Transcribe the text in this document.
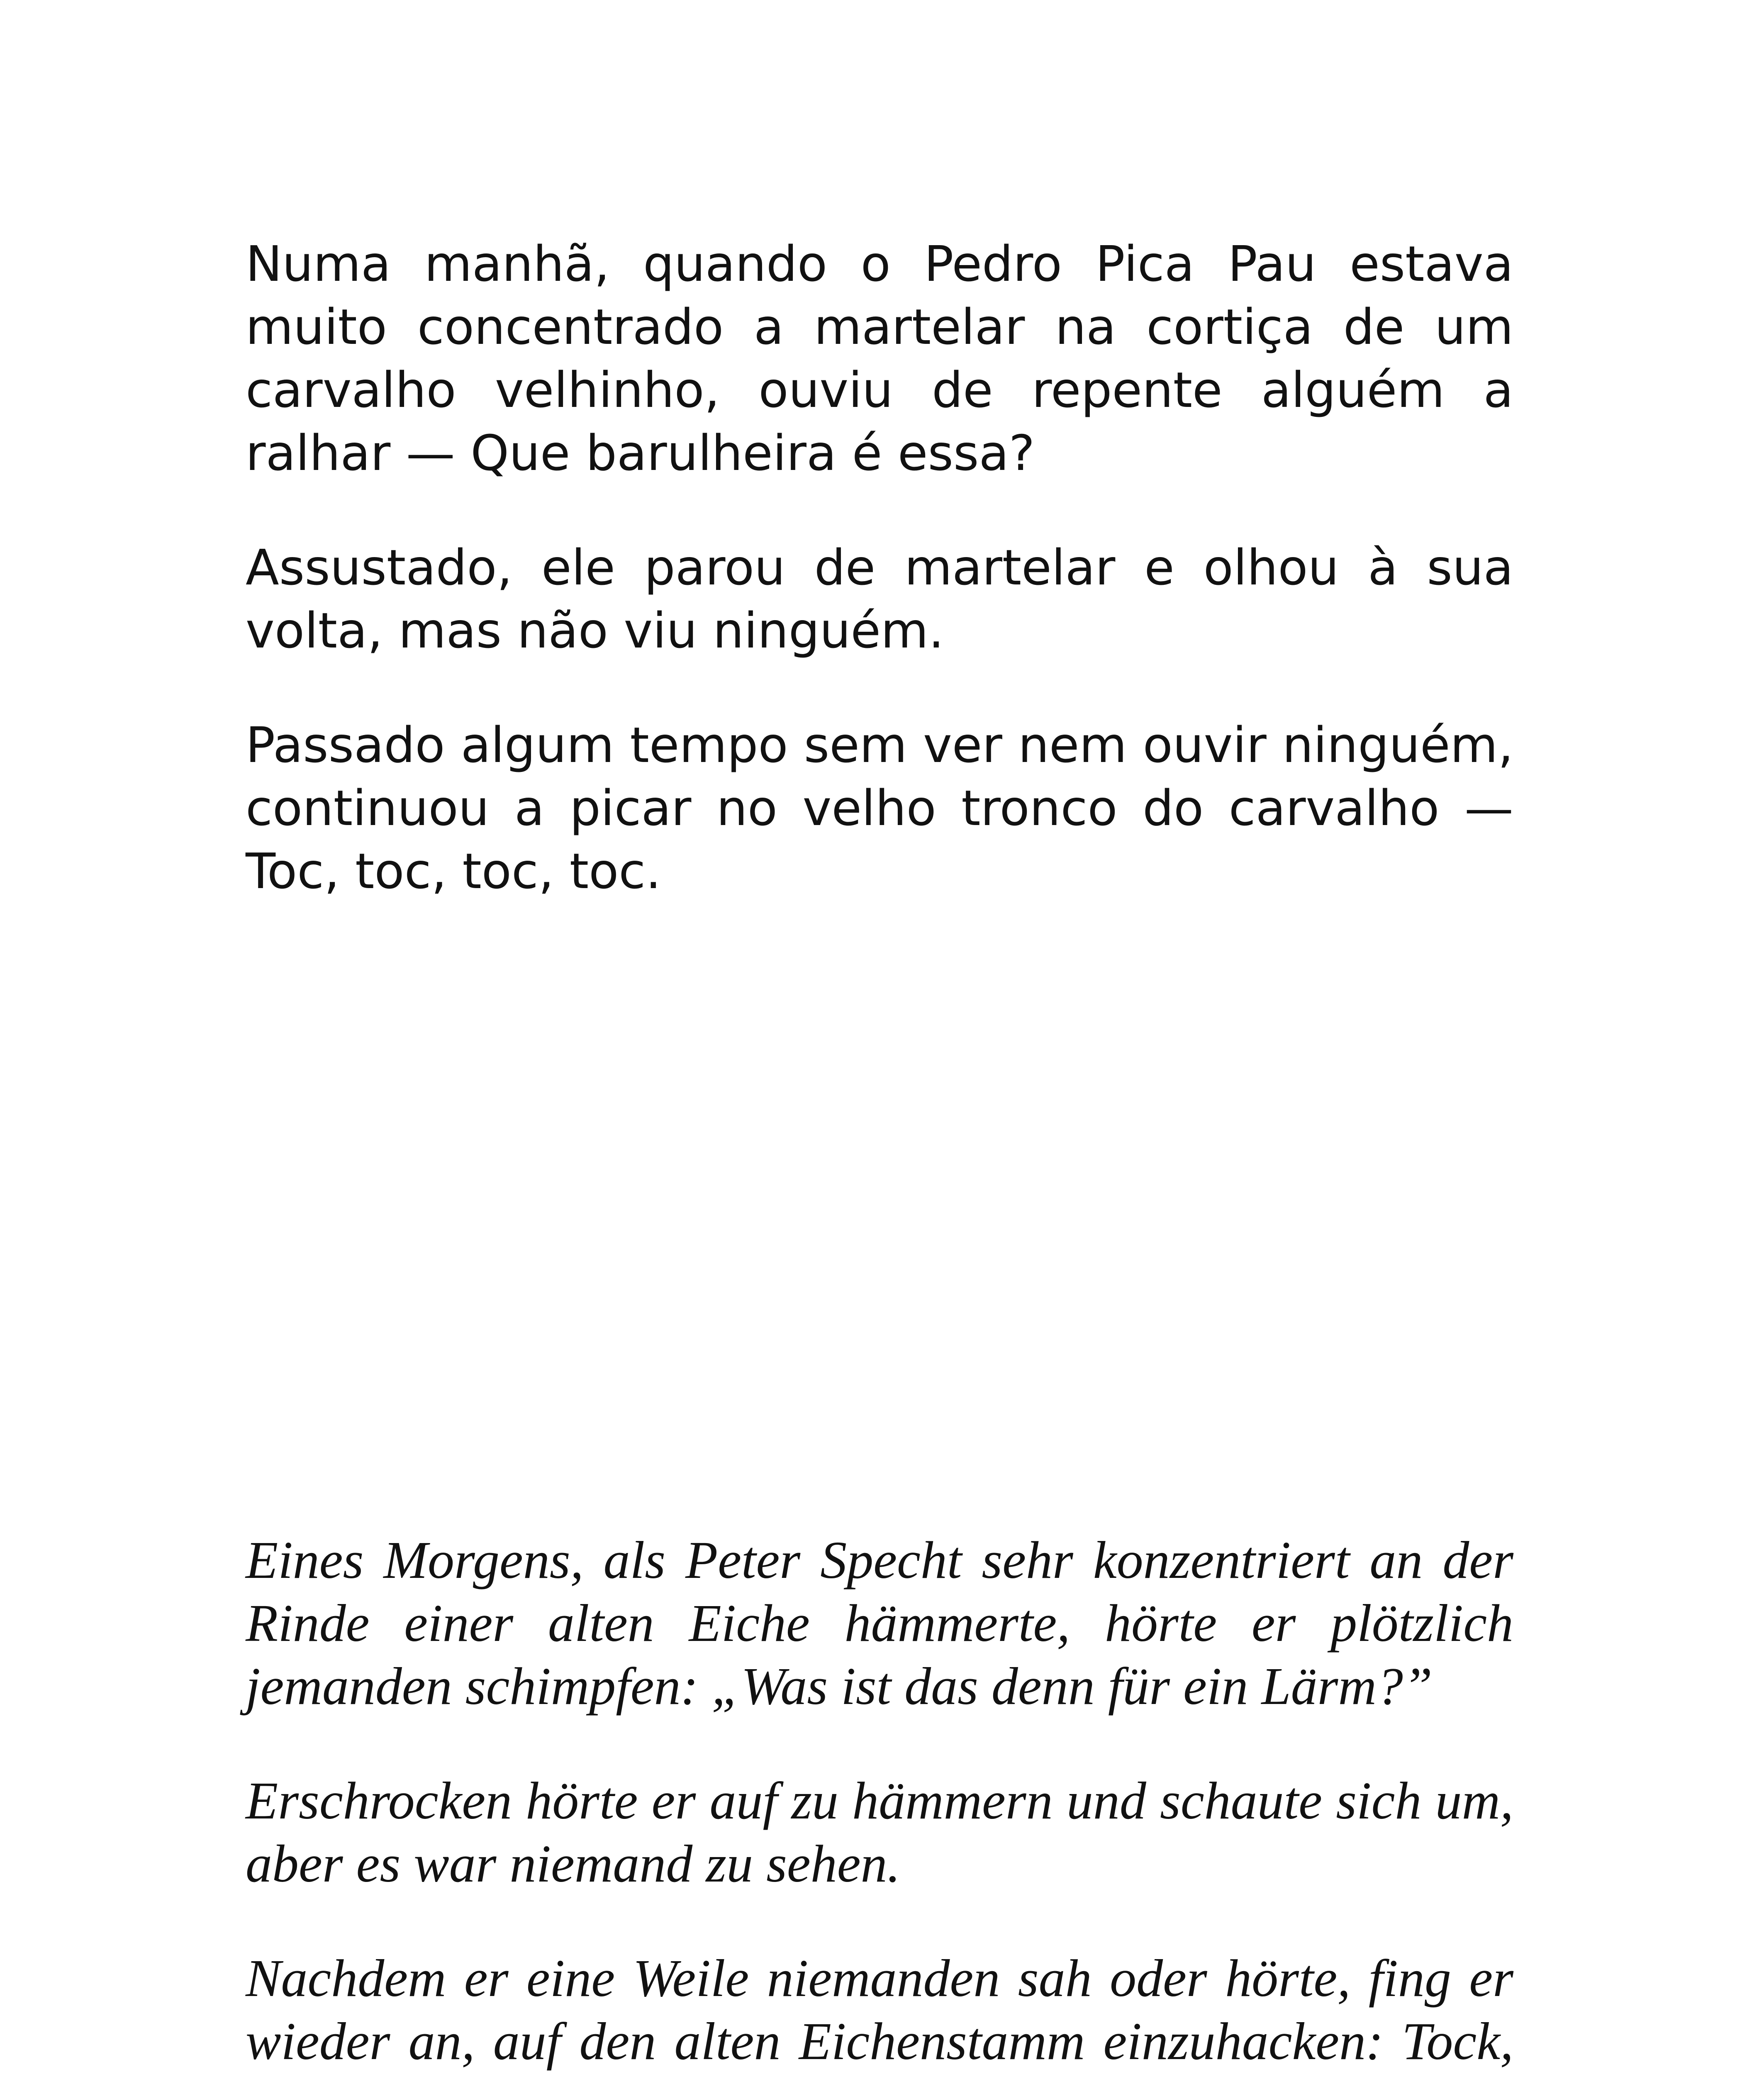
Numa manhã, quando o Pedro Pica Pau estava muito concentrado a martelar na cortiça de um carvalho velhinho, ouviu de repente alguém a ralhar — Que barulheira é essa?

Assustado, ele parou de martelar e olhou à sua volta, mas não viu ninguém.

Passado algum tempo sem ver nem ouvir ninguém, continuou a picar no velho tronco do carvalho — Toc, toc, toc, toc.

Eines Morgens, als Peter Specht sehr konzentriert an der Rinde einer alten Eiche hämmerte, hörte er plötzlich jemanden schimpfen: „Was ist das denn für ein Lärm?”

Erschrocken hörte er auf zu hämmern und schaute sich um, aber es war niemand zu sehen.

Nachdem er eine Weile niemanden sah oder hörte, fing er wieder an, auf den alten Eichenstamm einzuhacken: Tock,
